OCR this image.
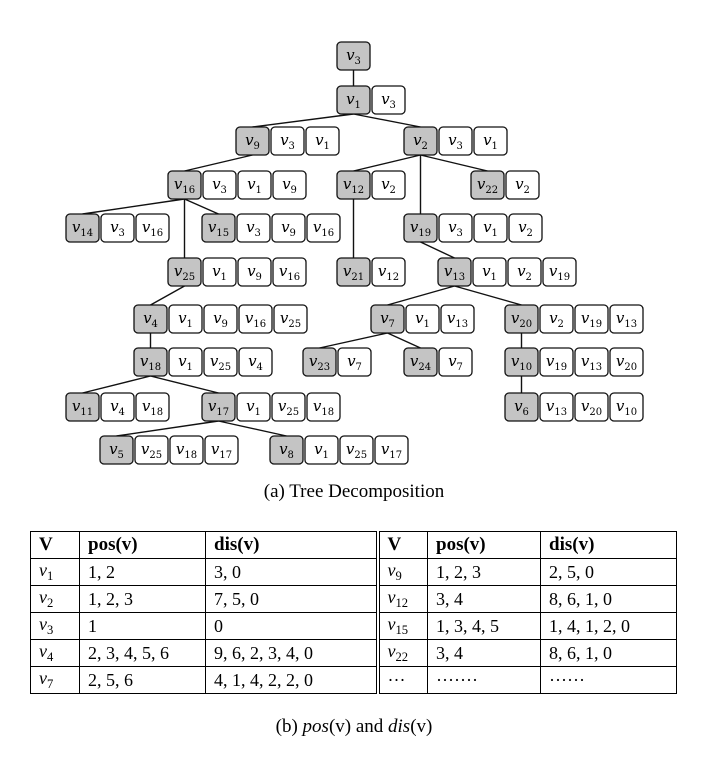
$v_3$
$v_1$ $v_3$
$v_9$ $v_3$ $v_1$	$v_2$ $v_3$ $v_1$
$v_{16}$ $v_3$ $v_1$ $v_9$	$v_{12}$ $v_2$	$v_{22}$ $v_2$
$v_{14}$ $v_3$ $v_{16}$	$v_{15}$ $v_3$ $v_9$ $v_{16}$	$v_{19}$ $v_3$ $v_1$ $v_2$
$v_{25}$ $v_1$ $v_9$ $v_{16}$	$v_{21}$ $v_{12}$	$v_{13}$ $v_1$ $v_2$ $v_{19}$
$v_4$ $v_1$ $v_9$ $v_{16}$ $v_{25}$	$v_7$ $v_1$ $v_{13}$	$v_{20}$ $v_2$ $v_{19}$ $v_{13}$
$v_{18}$ $v_1$ $v_{25}$ $v_4$	$v_{23}$ $v_7$	$v_{24}$ $v_7$	$v_{10}$ $v_{19}$ $v_{13}$ $v_{20}$
$v_{11}$ $v_4$ $v_{18}$	$v_{17}$ $v_1$ $v_{25}$ $v_{18}$	$v_6$ $v_{13}$ $v_{20}$ $v_{10}$
$v_5$ $v_{25}$ $v_{18}$ $v_{17}$	$v_8$ $v_1$ $v_{25}$ $v_{17}$
(a) Tree Decomposition
V	pos(v)	dis(v)	V	pos(v)	dis(v)
$v_1$	1, 2	3, 0	$v_9$	1, 2, 3	2, 5, 0
$v_2$	1, 2, 3	7, 5, 0	$v_{12}$	3, 4	8, 6, 1, 0
$v_3$	1	0	$v_{15}$	1, 3, 4, 5	1, 4, 1, 2, 0
$v_4$	2, 3, 4, 5, 6	9, 6, 2, 3, 4, 0	$v_{22}$	3, 4	8, 6, 1, 0
$v_7$	2, 5, 6	4, 1, 4, 2, 2, 0	···	·······	······
(b) pos(v) and dis(v)
